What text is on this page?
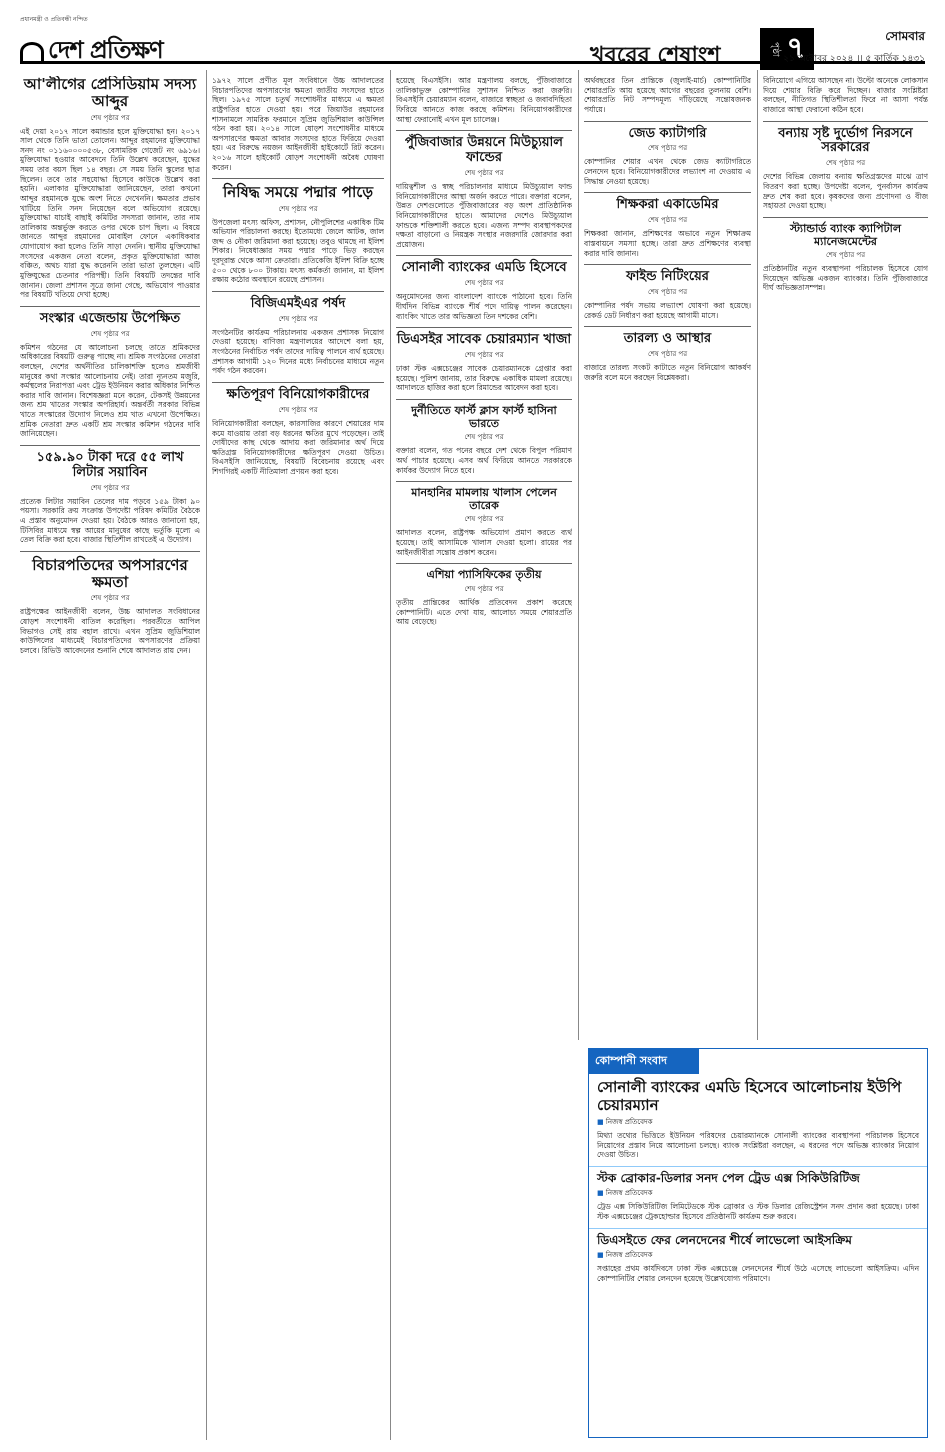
প্রধানমন্ত্রী ও প্রতিবন্ধী নন্দিত
দেশ প্রতিক্ষণ	খবরের শেষাংশ	পৃষ্ঠা ৭	সোমবার
২১ অক্টোবর ২০২৪ ।। ৫ কার্তিক ১৪৩১
আ'লীগের প্রেসিডিয়াম সদস্য আব্দুর
শেষ পৃষ্ঠার পর

এই দেয়া ২০১৭ সালে কমান্ডার হলে মুক্তিযোদ্ধা হন। ২০১৭ সাল থেকে তিনি ভাতা তোলেন। আব্দুর রহমানের মুক্তিযোদ্ধা সনদ নং ০১১৬০০০০৫৩৮, বেসামরিক গেজেট নং ৬৯১৬। মুক্তিযোদ্ধা হওয়ার আবেদনে তিনি উল্লেখ করেছেন, যুদ্ধের সময় তার বয়স ছিল ১৪ বছর। সে সময় তিনি স্কুলের ছাত্র ছিলেন। তবে তার সহযোদ্ধা হিসেবে কাউকে উল্লেখ করা হয়নি। এলাকার মুক্তিযোদ্ধারা জানিয়েছেন, তারা কখনো আব্দুর রহমানকে যুদ্ধে অংশ নিতে দেখেননি। ক্ষমতার প্রভাব খাটিয়ে তিনি সনদ নিয়েছেন বলে অভিযোগ রয়েছে। মুক্তিযোদ্ধা যাচাই বাছাই কমিটির সদস্যরা জানান, তার নাম তালিকায় অন্তর্ভুক্ত করতে ওপর থেকে চাপ ছিল। এ বিষয়ে জানতে আব্দুর রহমানের মোবাইল ফোনে একাধিকবার যোগাযোগ করা হলেও তিনি সাড়া দেননি। স্থানীয় মুক্তিযোদ্ধা সংসদের একজন নেতা বলেন, প্রকৃত মুক্তিযোদ্ধারা আজ বঞ্চিত, অথচ যারা যুদ্ধ করেননি তারা ভাতা তুলছেন। এটি মুক্তিযুদ্ধের চেতনার পরিপন্থী। তিনি বিষয়টি তদন্তের দাবি জানান। জেলা প্রশাসন সূত্রে জানা গেছে, অভিযোগ পাওয়ার পর বিষয়টি খতিয়ে দেখা হচ্ছে।

সংস্কার এজেন্ডায় উপেক্ষিত
শেষ পৃষ্ঠার পর

কমিশন গঠনের যে আলোচনা চলছে তাতে শ্রমিকদের অধিকারের বিষয়টি গুরুত্ব পাচ্ছে না। শ্রমিক সংগঠনের নেতারা বলছেন, দেশের অর্থনীতির চালিকাশক্তি হলেও শ্রমজীবী মানুষের কথা সংস্কার আলোচনায় নেই। তারা ন্যূনতম মজুরি, কর্মস্থলের নিরাপত্তা এবং ট্রেড ইউনিয়ন করার অধিকার নিশ্চিত করার দাবি জানান। বিশেষজ্ঞরা মনে করেন, টেকসই উন্নয়নের জন্য শ্রম খাতের সংস্কার অপরিহার্য। অন্তর্বর্তী সরকার বিভিন্ন খাতে সংস্কারের উদ্যোগ নিলেও শ্রম খাত এখনো উপেক্ষিত। শ্রমিক নেতারা দ্রুত একটি শ্রম সংস্কার কমিশন গঠনের দাবি জানিয়েছেন।

১৫৯.৯০ টাকা দরে ৫৫ লাখ লিটার সয়াবিন
শেষ পৃষ্ঠার পর

প্রত্যেক লিটার সয়াবিন তেলের দাম পড়বে ১৫৯ টাকা ৯০ পয়সা। সরকারি ক্রয় সংক্রান্ত উপদেষ্টা পরিষদ কমিটির বৈঠকে এ প্রস্তাব অনুমোদন দেওয়া হয়। বৈঠকে আরও জানানো হয়, টিসিবির মাধ্যমে স্বল্প আয়ের মানুষের কাছে ভর্তুকি মূল্যে এ তেল বিক্রি করা হবে। বাজার স্থিতিশীল রাখতেই এ উদ্যোগ।

বিচারপতিদের অপসারণের ক্ষমতা
শেষ পৃষ্ঠার পর

রাষ্ট্রপক্ষের আইনজীবী বলেন, উচ্চ আদালত সংবিধানের ষোড়শ সংশোধনী বাতিল করেছিল। পরবর্তীতে আপিল বিভাগও সেই রায় বহাল রাখে। এখন সুপ্রিম জুডিশিয়াল কাউন্সিলের মাধ্যমেই বিচারপতিদের অপসারণের প্রক্রিয়া চলবে। রিভিউ আবেদনের শুনানি শেষে আদালত রায় দেন।

১৯৭২ সালে প্রণীত মূল সংবিধানে উচ্চ আদালতের বিচারপতিদের অপসারণের ক্ষমতা জাতীয় সংসদের হাতে ছিল। ১৯৭৫ সালে চতুর্থ সংশোধনীর মাধ্যমে এ ক্ষমতা রাষ্ট্রপতির হাতে দেওয়া হয়। পরে জিয়াউর রহমানের শাসনামলে সামরিক ফরমানে সুপ্রিম জুডিশিয়াল কাউন্সিল গঠন করা হয়। ২০১৪ সালে ষোড়শ সংশোধনীর মাধ্যমে অপসারণের ক্ষমতা আবার সংসদের হাতে ফিরিয়ে দেওয়া হয়। এর বিরুদ্ধে নয়জন আইনজীবী হাইকোর্টে রিট করেন। ২০১৬ সালে হাইকোর্ট ষোড়শ সংশোধনী অবৈধ ঘোষণা করেন।

নিষিদ্ধ সময়ে পদ্মার পাড়ে
শেষ পৃষ্ঠার পর

উপজেলা মৎস্য অফিস, প্রশাসন, নৌপুলিশের একাধিক টিম অভিযান পরিচালনা করছে। ইতোমধ্যে জেলে আটক, জাল জব্দ ও নৌকা জরিমানা করা হয়েছে। তবুও থামছে না ইলিশ শিকার। নিষেধাজ্ঞার সময় পদ্মার পাড়ে ভিড় করছেন দূরদূরান্ত থেকে আসা ক্রেতারা। প্রতিকেজি ইলিশ বিক্রি হচ্ছে ৫০০ থেকে ৮০০ টাকায়। মৎস্য কর্মকর্তা জানান, মা ইলিশ রক্ষায় কঠোর অবস্থানে রয়েছে প্রশাসন।

বিজিএমইএর পর্ষদ
শেষ পৃষ্ঠার পর

সংগঠনটির কার্যক্রম পরিচালনায় একজন প্রশাসক নিয়োগ দেওয়া হয়েছে। বাণিজ্য মন্ত্রণালয়ের আদেশে বলা হয়, সংগঠনের নির্বাচিত পর্ষদ তাদের দায়িত্ব পালনে ব্যর্থ হয়েছে। প্রশাসক আগামী ১২০ দিনের মধ্যে নির্বাচনের মাধ্যমে নতুন পর্ষদ গঠন করবেন।

ক্ষতিপূরণ বিনিয়োগকারীদের
শেষ পৃষ্ঠার পর

বিনিয়োগকারীরা বলছেন, কারসাজির কারণে শেয়ারের দাম কমে যাওয়ায় তারা বড় ধরনের ক্ষতির মুখে পড়েছেন। তাই দোষীদের কাছ থেকে আদায় করা জরিমানার অর্থ দিয়ে ক্ষতিগ্রস্ত বিনিয়োগকারীদের ক্ষতিপূরণ দেওয়া উচিত। বিএসইসি জানিয়েছে, বিষয়টি বিবেচনায় রয়েছে এবং শিগগিরই একটি নীতিমালা প্রণয়ন করা হবে।

হয়েছে বিএসইসি। আর মন্ত্রণালয় বলছে, পুঁজিবাজারে তালিকাভুক্ত কোম্পানির সুশাসন নিশ্চিত করা জরুরি। বিএসইসি চেয়ারম্যান বলেন, বাজারে স্বচ্ছতা ও জবাবদিহিতা ফিরিয়ে আনতে কাজ করছে কমিশন। বিনিয়োগকারীদের আস্থা ফেরানোই এখন মূল চ্যালেঞ্জ।

পুঁজিবাজার উন্নয়নে মিউচ্যুয়াল ফান্ডের
শেষ পৃষ্ঠার পর

দায়িত্বশীল ও স্বচ্ছ পরিচালনার মাধ্যমে মিউচ্যুয়াল ফান্ড বিনিয়োগকারীদের আস্থা অর্জন করতে পারে। বক্তারা বলেন, উন্নত দেশগুলোতে পুঁজিবাজারের বড় অংশ প্রাতিষ্ঠানিক বিনিয়োগকারীদের হাতে। আমাদের দেশেও মিউচ্যুয়াল ফান্ডকে শক্তিশালী করতে হবে। এজন্য সম্পদ ব্যবস্থাপকদের দক্ষতা বাড়ানো ও নিয়ন্ত্রক সংস্থার নজরদারি জোরদার করা প্রয়োজন।

সোনালী ব্যাংকের এমডি হিসেবে
শেষ পৃষ্ঠার পর

অনুমোদনের জন্য বাংলাদেশ ব্যাংকে পাঠানো হবে। তিনি দীর্ঘদিন বিভিন্ন ব্যাংকে শীর্ষ পদে দায়িত্ব পালন করেছেন। ব্যাংকিং খাতে তার অভিজ্ঞতা তিন দশকের বেশি।

ডিএসইর সাবেক চেয়ারম্যান খাজা
শেষ পৃষ্ঠার পর

ঢাকা স্টক এক্সচেঞ্জের সাবেক চেয়ারম্যানকে গ্রেপ্তার করা হয়েছে। পুলিশ জানায়, তার বিরুদ্ধে একাধিক মামলা রয়েছে। আদালতে হাজির করা হলে রিমান্ডের আবেদন করা হবে।

দুর্নীতিতে ফার্স্ট ক্লাস ফার্স্ট হাসিনা ভারতে
শেষ পৃষ্ঠার পর

বক্তারা বলেন, গত পনের বছরে দেশ থেকে বিপুল পরিমাণ অর্থ পাচার হয়েছে। এসব অর্থ ফিরিয়ে আনতে সরকারকে কার্যকর উদ্যোগ নিতে হবে।

মানহানির মামলায় খালাস পেলেন তারেক
শেষ পৃষ্ঠার পর

আদালত বলেন, রাষ্ট্রপক্ষ অভিযোগ প্রমাণ করতে ব্যর্থ হয়েছে। তাই আসামিকে খালাস দেওয়া হলো। রায়ের পর আইনজীবীরা সন্তোষ প্রকাশ করেন।

এশিয়া প্যাসিফিকের তৃতীয়
শেষ পৃষ্ঠার পর

তৃতীয় প্রান্তিকের আর্থিক প্রতিবেদন প্রকাশ করেছে কোম্পানিটি। এতে দেখা যায়, আলোচ্য সময়ে শেয়ারপ্রতি আয় বেড়েছে।

অর্থবছরের তিন প্রান্তিকে (জুলাই-মার্চ) কোম্পানিটির শেয়ারপ্রতি আয় হয়েছে আগের বছরের তুলনায় বেশি। শেয়ারপ্রতি নিট সম্পদমূল্য দাঁড়িয়েছে সন্তোষজনক পর্যায়ে।

জেড ক্যাটাগরি
শেষ পৃষ্ঠার পর

কোম্পানির শেয়ার এখন থেকে জেড ক্যাটাগরিতে লেনদেন হবে। বিনিয়োগকারীদের লভ্যাংশ না দেওয়ায় এ সিদ্ধান্ত নেওয়া হয়েছে।

শিক্ষকরা একাডেমির
শেষ পৃষ্ঠার পর

শিক্ষকরা জানান, প্রশিক্ষণের অভাবে নতুন শিক্ষাক্রম বাস্তবায়নে সমস্যা হচ্ছে। তারা দ্রুত প্রশিক্ষণের ব্যবস্থা করার দাবি জানান।

ফাইন্ড নিটিংয়ের
শেষ পৃষ্ঠার পর

কোম্পানির পর্ষদ সভায় লভ্যাংশ ঘোষণা করা হয়েছে। রেকর্ড ডেট নির্ধারণ করা হয়েছে আগামী মাসে।

তারল্য ও আস্থার
শেষ পৃষ্ঠার পর

বাজারে তারল্য সংকট কাটাতে নতুন বিনিয়োগ আকর্ষণ জরুরি বলে মনে করছেন বিশ্লেষকরা।

বিনিয়োগে এগিয়ে আসছেন না। উল্টো অনেকে লোকসান দিয়ে শেয়ার বিক্রি করে দিচ্ছেন। বাজার সংশ্লিষ্টরা বলছেন, নীতিগত স্থিতিশীলতা ফিরে না আসা পর্যন্ত বাজারে আস্থা ফেরানো কঠিন হবে।

বন্যায় সৃষ্ট দুর্ভোগ নিরসনে সরকারের
শেষ পৃষ্ঠার পর

দেশের বিভিন্ন জেলায় বন্যায় ক্ষতিগ্রস্তদের মাঝে ত্রাণ বিতরণ করা হচ্ছে। উপদেষ্টা বলেন, পুনর্বাসন কার্যক্রম দ্রুত শেষ করা হবে। কৃষকদের জন্য প্রণোদনা ও বীজ সহায়তা দেওয়া হচ্ছে।

স্ট্যান্ডার্ড ব্যাংক ক্যাপিটাল ম্যানেজমেন্টের
শেষ পৃষ্ঠার পর

প্রতিষ্ঠানটির নতুন ব্যবস্থাপনা পরিচালক হিসেবে যোগ দিয়েছেন অভিজ্ঞ একজন ব্যাংকার। তিনি পুঁজিবাজারে দীর্ঘ অভিজ্ঞতাসম্পন্ন।

কোম্পানী সংবাদ
সোনালী ব্যাংকের এমডি হিসেবে আলোচনায় ইউপি চেয়ারম্যান
■ নিজস্ব প্রতিবেদক

মিথ্যা তথ্যের ভিত্তিতে ইউনিয়ন পরিষদের চেয়ারম্যানকে সোনালী ব্যাংকের ব্যবস্থাপনা পরিচালক হিসেবে নিয়োগের প্রস্তাব নিয়ে আলোচনা চলছে। ব্যাংক সংশ্লিষ্টরা বলছেন, এ ধরনের পদে অভিজ্ঞ ব্যাংকার নিয়োগ দেওয়া উচিত।

স্টক ব্রোকার-ডিলার সনদ পেল ট্রেড এক্স সিকিউরিটিজ
■ নিজস্ব প্রতিবেদক

ট্রেড এক্স সিকিউরিটিজ লিমিটেডকে স্টক ব্রোকার ও স্টক ডিলার রেজিস্ট্রেশন সনদ প্রদান করা হয়েছে। ঢাকা স্টক এক্সচেঞ্জের ট্রেকহোল্ডার হিসেবে প্রতিষ্ঠানটি কার্যক্রম শুরু করবে।

ডিএসইতে ফের লেনদেনের শীর্ষে লাভেলো আইসক্রিম
■ নিজস্ব প্রতিবেদক

সপ্তাহের প্রথম কার্যদিবসে ঢাকা স্টক এক্সচেঞ্জে লেনদেনের শীর্ষে উঠে এসেছে লাভেলো আইসক্রিম। এদিন কোম্পানিটির শেয়ার লেনদেন হয়েছে উল্লেখযোগ্য পরিমাণে।
